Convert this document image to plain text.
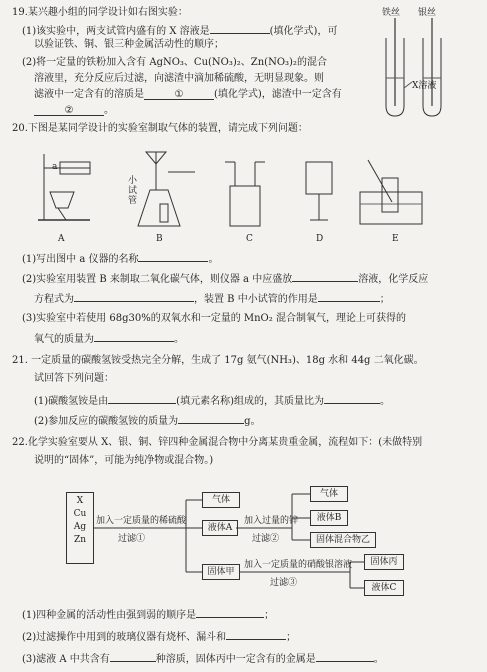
19.某兴趣小组的同学设计如右图实验：
(1)该实验中，两支试管内盛有的 X 溶液是	(填化学式)，可
以验证铁、铜、银三种金属活动性的顺序；
(2)将一定量的铁粉加入含有 AgNO₃、Cu(NO₃)₂、Zn(NO₃)₂的混合
溶液里，充分反应后过滤，向滤渣中滴加稀硫酸，无明显现象。则
滤液中一定含有的溶质是	①	(填化学式)，滤渣中一定含有
②	。
铁丝 银丝
X溶液
20.下图是某同学设计的实验室制取气体的装置，请完成下列问题：
a
小试管
A	B	C	D	E
(1)写出图中 a 仪器的名称	。
(2)实验室用装置 B 来制取二氧化碳气体，则仪器 a 中应盛放	溶液，化学反应
方程式为	，装置 B 中小试管的作用是	；
(3)实验室中若使用 68g30%的双氧水和一定量的 MnO₂ 混合制氧气，理论上可获得的
氧气的质量为	。
21. 一定质量的碳酸氢铵受热完全分解，生成了 17g 氨气(NH₃)、18g 水和 44g 二氧化碳。
试回答下列问题：
(1)碳酸氢铵是由	(填元素名称)组成的，其质量比为	。
(2)参加反应的碳酸氢铵的质量为	g。
22.化学实验室要从 X、银、铜、锌四种金属混合物中分离某贵重金属，流程如下：(未做特别
说明的“固体”，可能为纯净物或混合物。)
X
Cu
Ag
Zn
加入一定质量的稀硫酸
过滤①
气体
液体A
固体甲
加入过量的锌
过滤②
气体
液体B
固体混合物乙
加入一定质量的硝酸银溶液
过滤③
固体丙
液体C
(1)四种金属的活动性由强到弱的顺序是	；
(2)过滤操作中用到的玻璃仪器有烧杯、漏斗和	；
(3)滤液 A 中共含有	种溶质，固体丙中一定含有的金属是	。
